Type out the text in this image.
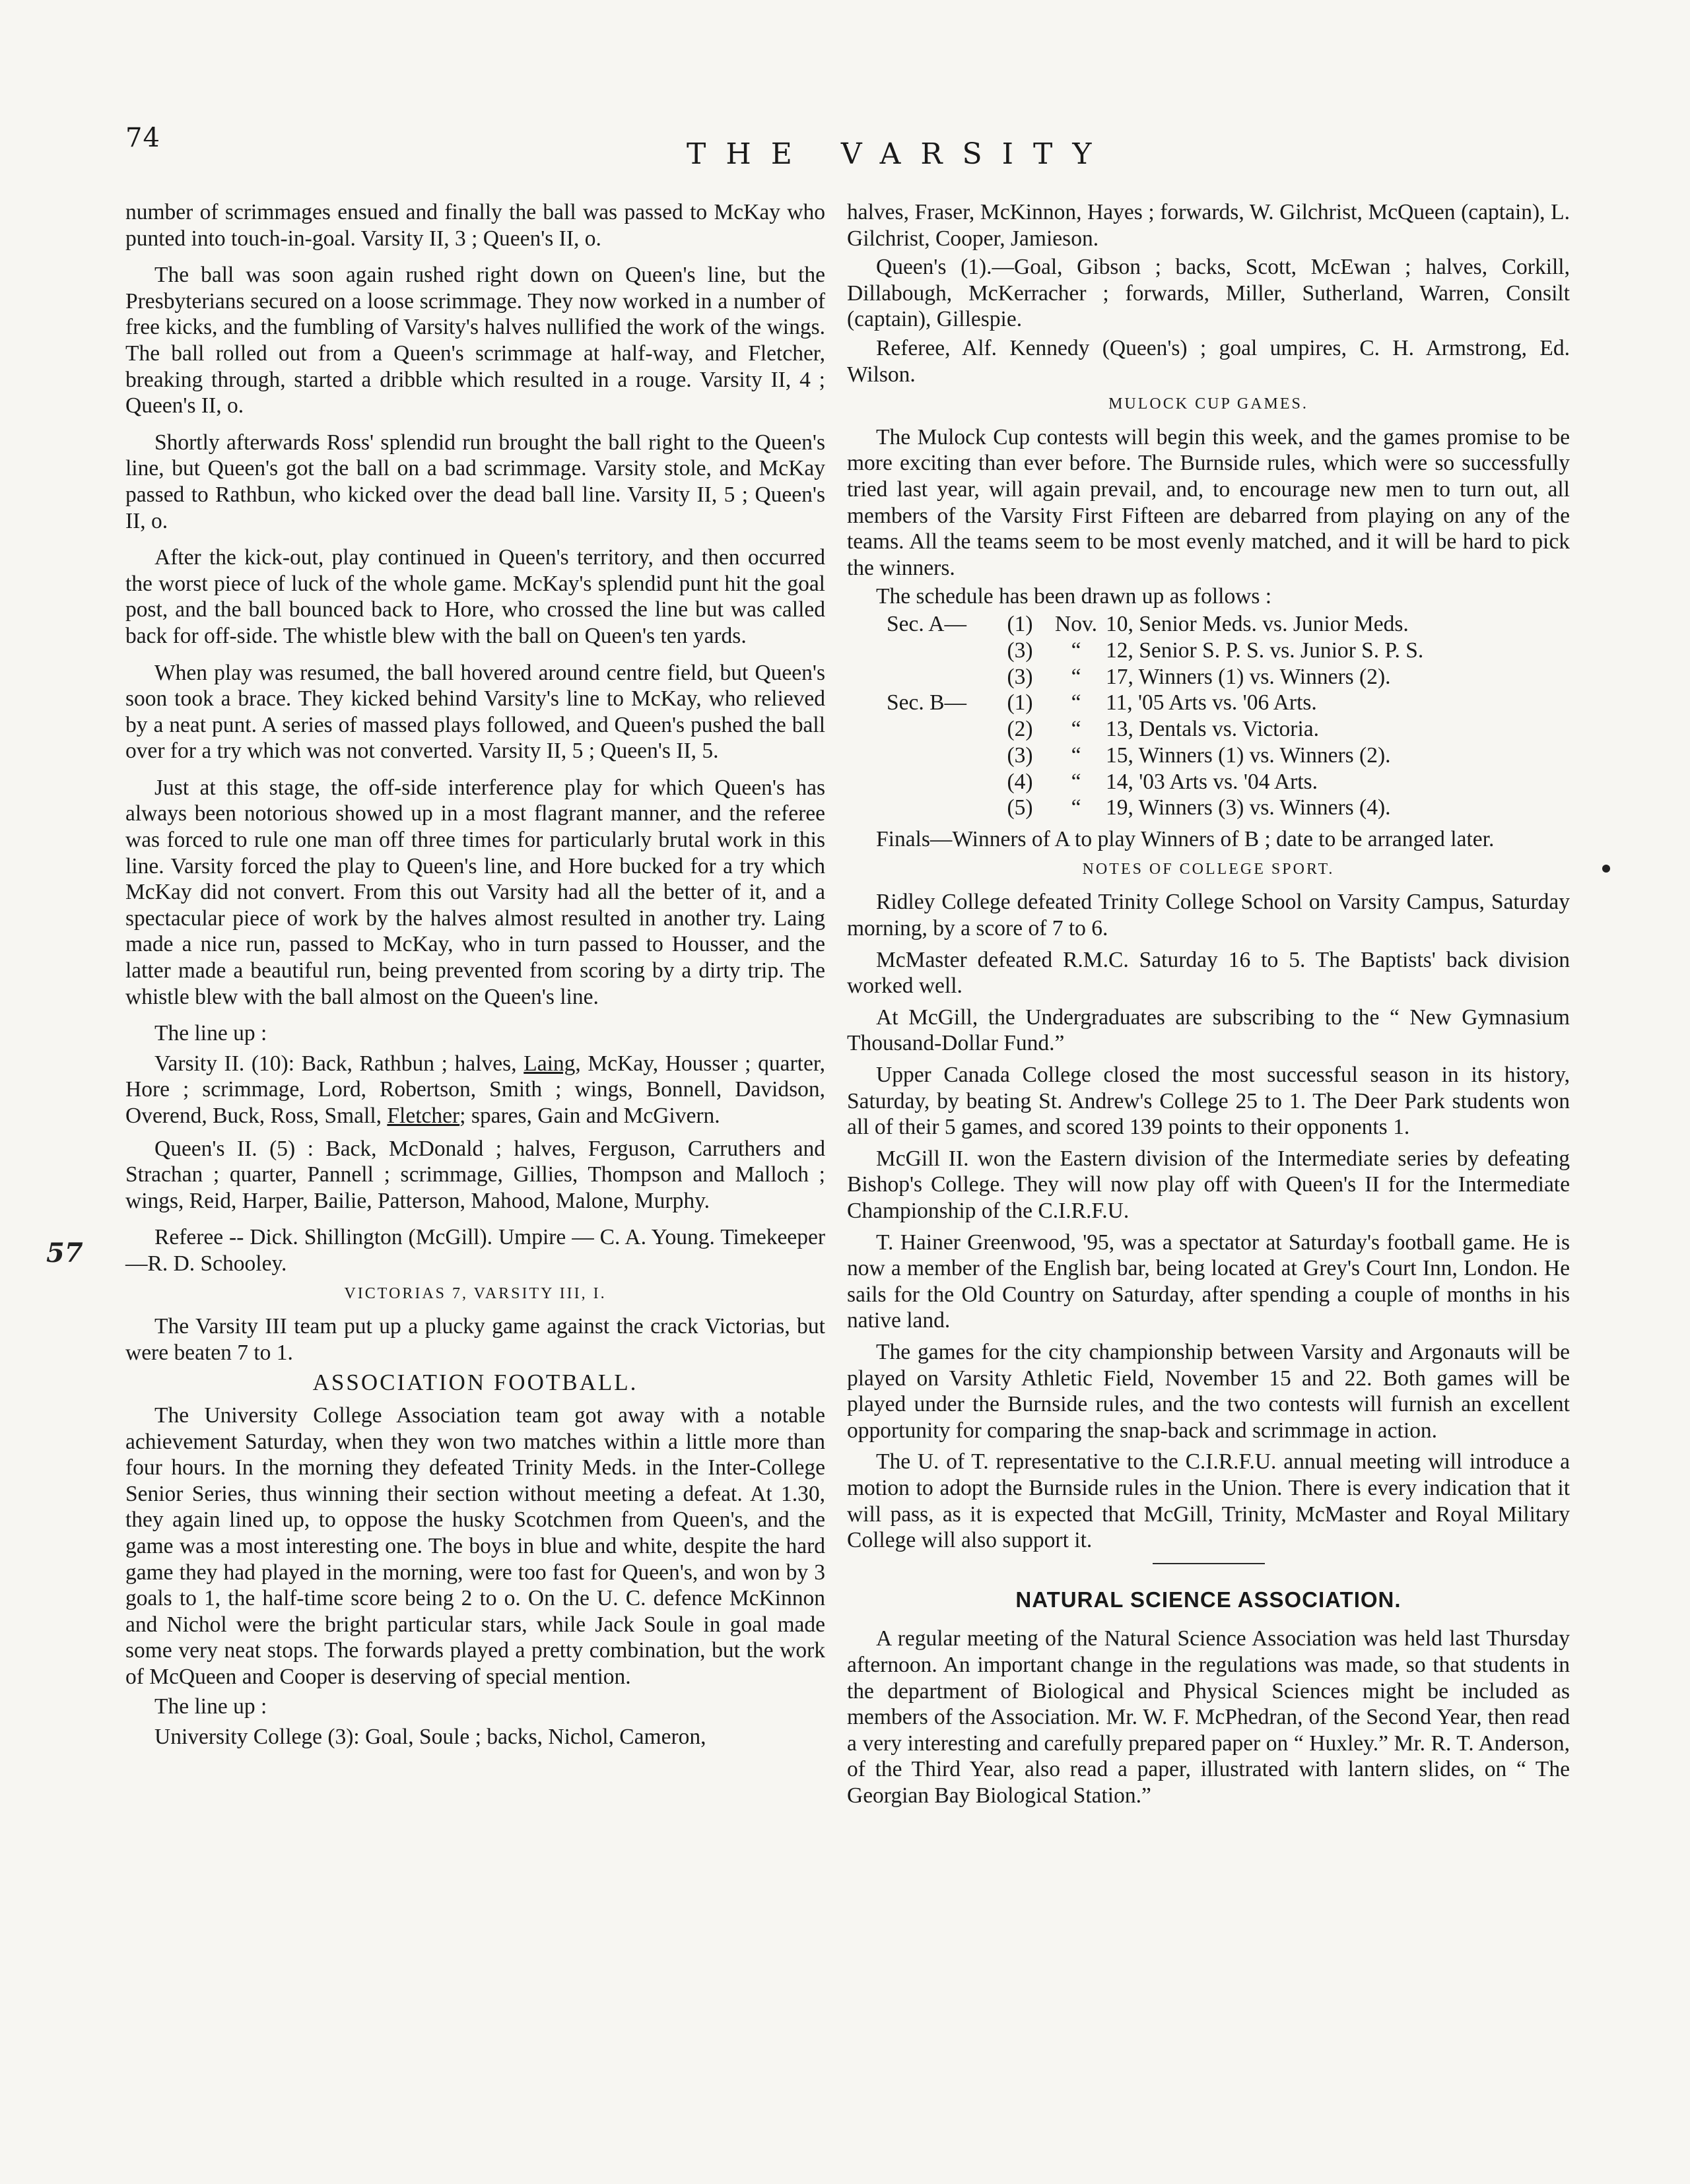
74	THE VARSITY
57

number of scrimmages ensued and finally the ball was passed to McKay who punted into touch-in-goal. Varsity II, 3 ; Queen's II, o.

The ball was soon again rushed right down on Queen's line, but the Presbyterians secured on a loose scrimmage. They now worked in a number of free kicks, and the fumbling of Varsity's halves nullified the work of the wings. The ball rolled out from a Queen's scrimmage at half-way, and Fletcher, breaking through, started a dribble which resulted in a rouge. Varsity II, 4 ; Queen's II, o.

Shortly afterwards Ross' splendid run brought the ball right to the Queen's line, but Queen's got the ball on a bad scrimmage. Varsity stole, and McKay passed to Rathbun, who kicked over the dead ball line. Varsity II, 5 ; Queen's II, o.

After the kick-out, play continued in Queen's territory, and then occurred the worst piece of luck of the whole game. McKay's splendid punt hit the goal post, and the ball bounced back to Hore, who crossed the line but was called back for off-side. The whistle blew with the ball on Queen's ten yards.

When play was resumed, the ball hovered around centre field, but Queen's soon took a brace. They kicked behind Varsity's line to McKay, who relieved by a neat punt. A series of massed plays followed, and Queen's pushed the ball over for a try which was not converted. Varsity II, 5 ; Queen's II, 5.

Just at this stage, the off-side interference play for which Queen's has always been notorious showed up in a most flagrant manner, and the referee was forced to rule one man off three times for particularly brutal work in this line. Varsity forced the play to Queen's line, and Hore bucked for a try which McKay did not convert. From this out Varsity had all the better of it, and a spectacular piece of work by the halves almost resulted in another try. Laing made a nice run, passed to McKay, who in turn passed to Housser, and the latter made a beautiful run, being prevented from scoring by a dirty trip. The whistle blew with the ball almost on the Queen's line.

The line up :

Varsity II. (10): Back, Rathbun ; halves, Laing, McKay, Housser ; quarter, Hore ; scrimmage, Lord, Robertson, Smith ; wings, Bonnell, Davidson, Overend, Buck, Ross, Small, Fletcher; spares, Gain and McGivern.

Queen's II. (5) : Back, McDonald ; halves, Ferguson, Carruthers and Strachan ; quarter, Pannell ; scrimmage, Gillies, Thompson and Malloch ; wings, Reid, Harper, Bailie, Patterson, Mahood, Malone, Murphy.

Referee -- Dick. Shillington (McGill). Umpire — C. A. Young. Timekeeper—R. D. Schooley.

VICTORIAS 7, VARSITY III, I.

The Varsity III team put up a plucky game against the crack Victorias, but were beaten 7 to 1.

ASSOCIATION FOOTBALL.

The University College Association team got away with a notable achievement Saturday, when they won two matches within a little more than four hours. In the morning they defeated Trinity Meds. in the Inter-College Senior Series, thus winning their section without meeting a defeat. At 1.30, they again lined up, to oppose the husky Scotchmen from Queen's, and the game was a most interesting one. The boys in blue and white, despite the hard game they had played in the morning, were too fast for Queen's, and won by 3 goals to 1, the half-time score being 2 to o. On the U. C. defence McKinnon and Nichol were the bright particular stars, while Jack Soule in goal made some very neat stops. The forwards played a pretty combination, but the work of McQueen and Cooper is deserving of special mention.

The line up :

University College (3): Goal, Soule ; backs, Nichol, Cameron,

halves, Fraser, McKinnon, Hayes ; forwards, W. Gilchrist, McQueen (captain), L. Gilchrist, Cooper, Jamieson.

Queen's (1).—Goal, Gibson ; backs, Scott, McEwan ; halves, Corkill, Dillabough, McKerracher ; forwards, Miller, Sutherland, Warren, Consilt (captain), Gillespie.

Referee, Alf. Kennedy (Queen's) ; goal umpires, C. H. Armstrong, Ed. Wilson.

MULOCK CUP GAMES.

The Mulock Cup contests will begin this week, and the games promise to be more exciting than ever before. The Burnside rules, which were so successfully tried last year, will again prevail, and, to encourage new men to turn out, all members of the Varsity First Fifteen are debarred from playing on any of the teams. All the teams seem to be most evenly matched, and it will be hard to pick the winners.

The schedule has been drawn up as follows :

Sec. A—	(1)	Nov. 10, Senior Meds. vs. Junior Meds.
(3)	“	12, Senior S. P. S. vs. Junior S. P. S.
(3)	“	17, Winners (1) vs. Winners (2).
Sec. B—	(1)	“	11, '05 Arts vs. '06 Arts.
(2)	“	13, Dentals vs. Victoria.
(3)	“	15, Winners (1) vs. Winners (2).
(4)	“	14, '03 Arts vs. '04 Arts.
(5)	“	19, Winners (3) vs. Winners (4).

Finals—Winners of A to play Winners of B ; date to be arranged later.

NOTES OF COLLEGE SPORT.

Ridley College defeated Trinity College School on Varsity Campus, Saturday morning, by a score of 7 to 6.

McMaster defeated R.M.C. Saturday 16 to 5. The Baptists' back division worked well.

At McGill, the Undergraduates are subscribing to the “ New Gymnasium Thousand-Dollar Fund.”

Upper Canada College closed the most successful season in its history, Saturday, by beating St. Andrew's College 25 to 1. The Deer Park students won all of their 5 games, and scored 139 points to their opponents 1.

McGill II. won the Eastern division of the Intermediate series by defeating Bishop's College. They will now play off with Queen's II for the Intermediate Championship of the C.I.R.F.U.

T. Hainer Greenwood, '95, was a spectator at Saturday's football game. He is now a member of the English bar, being located at Grey's Court Inn, London. He sails for the Old Country on Saturday, after spending a couple of months in his native land.

The games for the city championship between Varsity and Argonauts will be played on Varsity Athletic Field, November 15 and 22. Both games will be played under the Burnside rules, and the two contests will furnish an excellent opportunity for comparing the snap-back and scrimmage in action.

The U. of T. representative to the C.I.R.F.U. annual meeting will introduce a motion to adopt the Burnside rules in the Union. There is every indication that it will pass, as it is expected that McGill, Trinity, McMaster and Royal Military College will also support it.

NATURAL SCIENCE ASSOCIATION.

A regular meeting of the Natural Science Association was held last Thursday afternoon. An important change in the regulations was made, so that students in the department of Biological and Physical Sciences might be included as members of the Association. Mr. W. F. McPhedran, of the Second Year, then read a very interesting and carefully prepared paper on “ Huxley.” Mr. R. T. Anderson, of the Third Year, also read a paper, illustrated with lantern slides, on “ The Georgian Bay Biological Station.”
